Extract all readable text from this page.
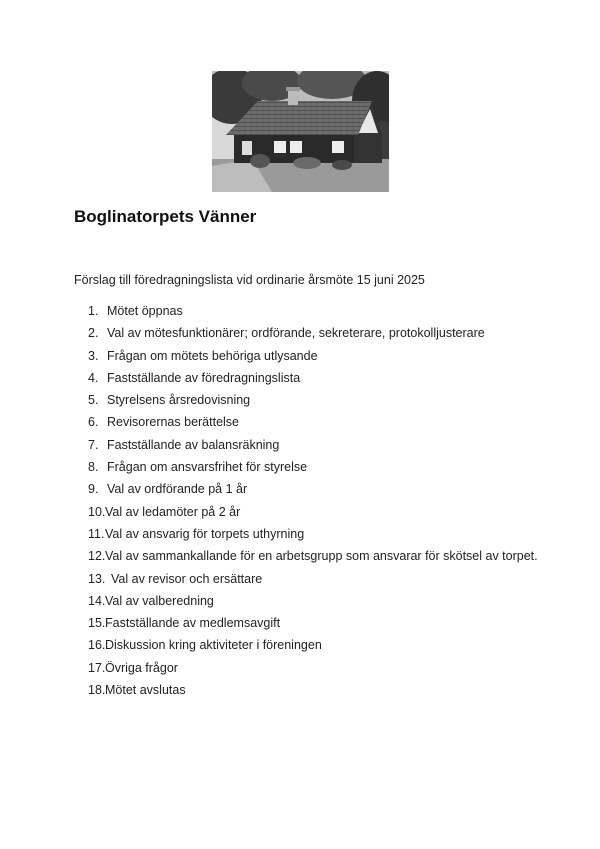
Boglinatorpets Vänner
Förslag till föredragningslista vid ordinarie årsmöte 15 juni 2025
1. Mötet öppnas
2. Val av mötesfunktionärer; ordförande, sekreterare, protokolljusterare
3. Frågan om mötets behöriga utlysande
4. Fastställande av föredragningslista
5. Styrelsens årsredovisning
6. Revisorernas berättelse
7. Fastställande av balansräkning
8. Frågan om ansvarsfrihet för styrelse
9. Val av ordförande på 1 år
10. Val av ledamöter på 2 år
11. Val av ansvarig för torpets uthyrning
12. Val av sammankallande för en arbetsgrupp som ansvarar för skötsel av torpet.
13. Val av revisor och ersättare
14. Val av valberedning
15. Fastställande av medlemsavgift
16. Diskussion kring aktiviteter i föreningen
17. Övriga frågor
18. Mötet avslutas
